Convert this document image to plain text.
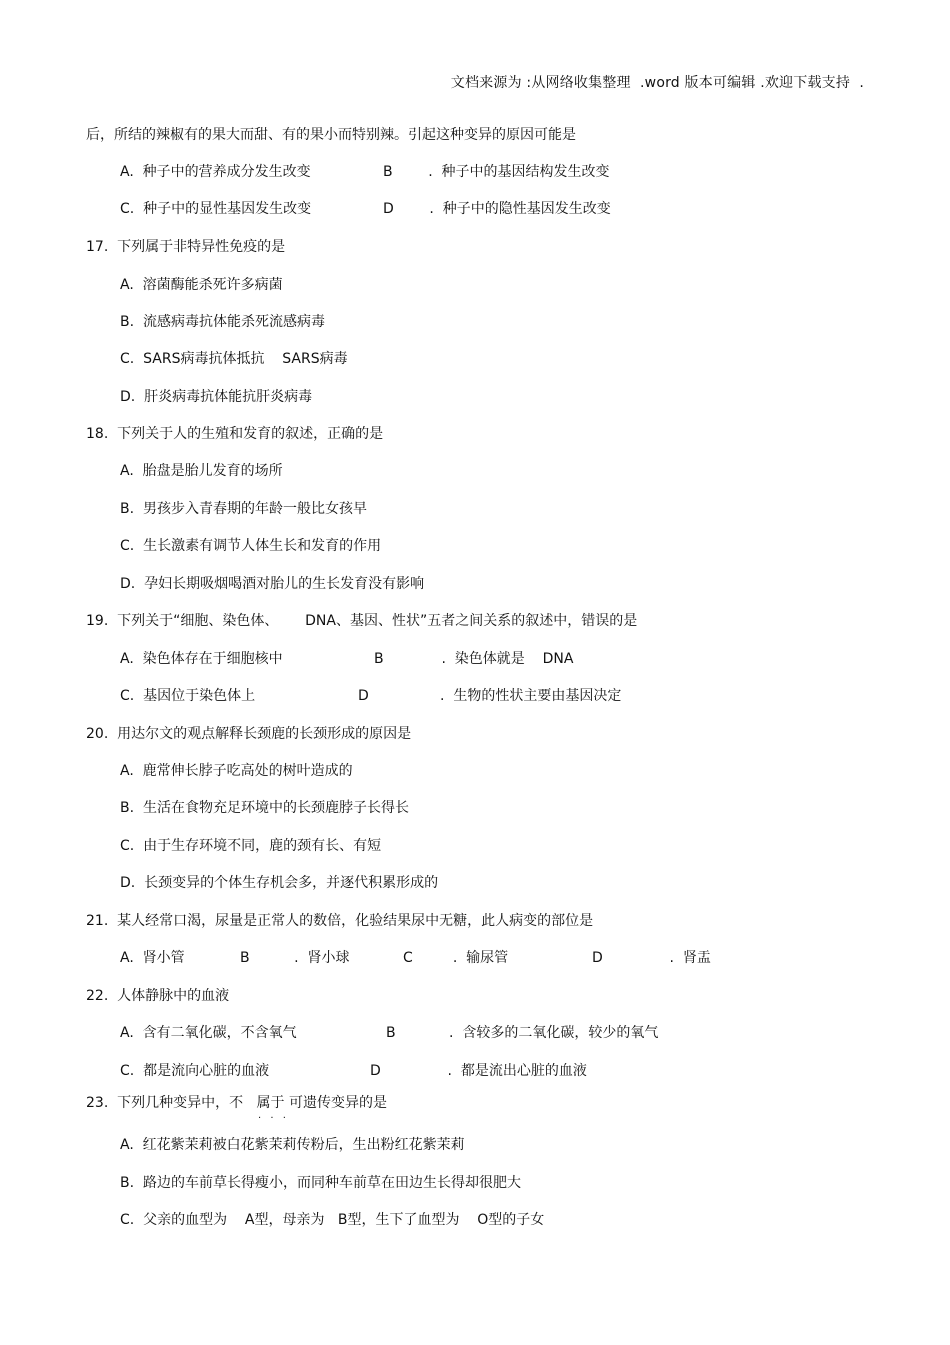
文档来源为 :从网络收集整理  .word 版本可编辑 .欢迎下载支持  .
后，所结的辣椒有的果大而甜、有的果小而特别辣。引起这种变异的原因可能是
A.  种子中的营养成分发生改变	B        .  种子中的基因结构发生改变
C.  种子中的显性基因发生改变	D        .  种子中的隐性基因发生改变
17.  下列属于非特异性免疫的是
A.  溶菌酶能杀死许多病菌
B.  流感病毒抗体能杀死流感病毒
C.  SARS病毒抗体抵抗    SARS病毒
D.  肝炎病毒抗体能抗肝炎病毒
18.  下列关于人的生殖和发育的叙述，正确的是
A.  胎盘是胎儿发育的场所
B.  男孩步入青春期的年龄一般比女孩早
C.  生长激素有调节人体生长和发育的作用
D.  孕妇长期吸烟喝酒对胎儿的生长发育没有影响
19.  下列关于“细胞、染色体、      DNA、基因、性状”五者之间关系的叙述中，错误的是
A.  染色体存在于细胞核中	B             .  染色体就是    DNA
C.  基因位于染色体上	D                .  生物的性状主要由基因决定
20.  用达尔文的观点解释长颈鹿的长颈形成的原因是
A.  鹿常伸长脖子吃高处的树叶造成的
B.  生活在食物充足环境中的长颈鹿脖子长得长
C.  由于生存环境不同，鹿的颈有长、有短
D.  长颈变异的个体生存机会多，并逐代积累形成的
21.  某人经常口渴，尿量是正常人的数倍，化验结果尿中无糖，此人病变的部位是
A.  肾小管	B          .  肾小球	C         .  输尿管	D               .  肾盂
22.  人体静脉中的血液
A.  含有二氧化碳，不含氧气	B            .  含较多的二氧化碳，较少的氧气
C.  都是流向心脏的血液	D               .  都是流出心脏的血液
23.  下列几种变异中，不   属于 可遗传变异的是
. . .
A.  红花紫茉莉被白花紫茉莉传粉后，生出粉红花紫茉莉
B.  路边的车前草长得瘦小，而同种车前草在田边生长得却很肥大
C.  父亲的血型为    A型，母亲为   B型，生下了血型为    O型的子女
